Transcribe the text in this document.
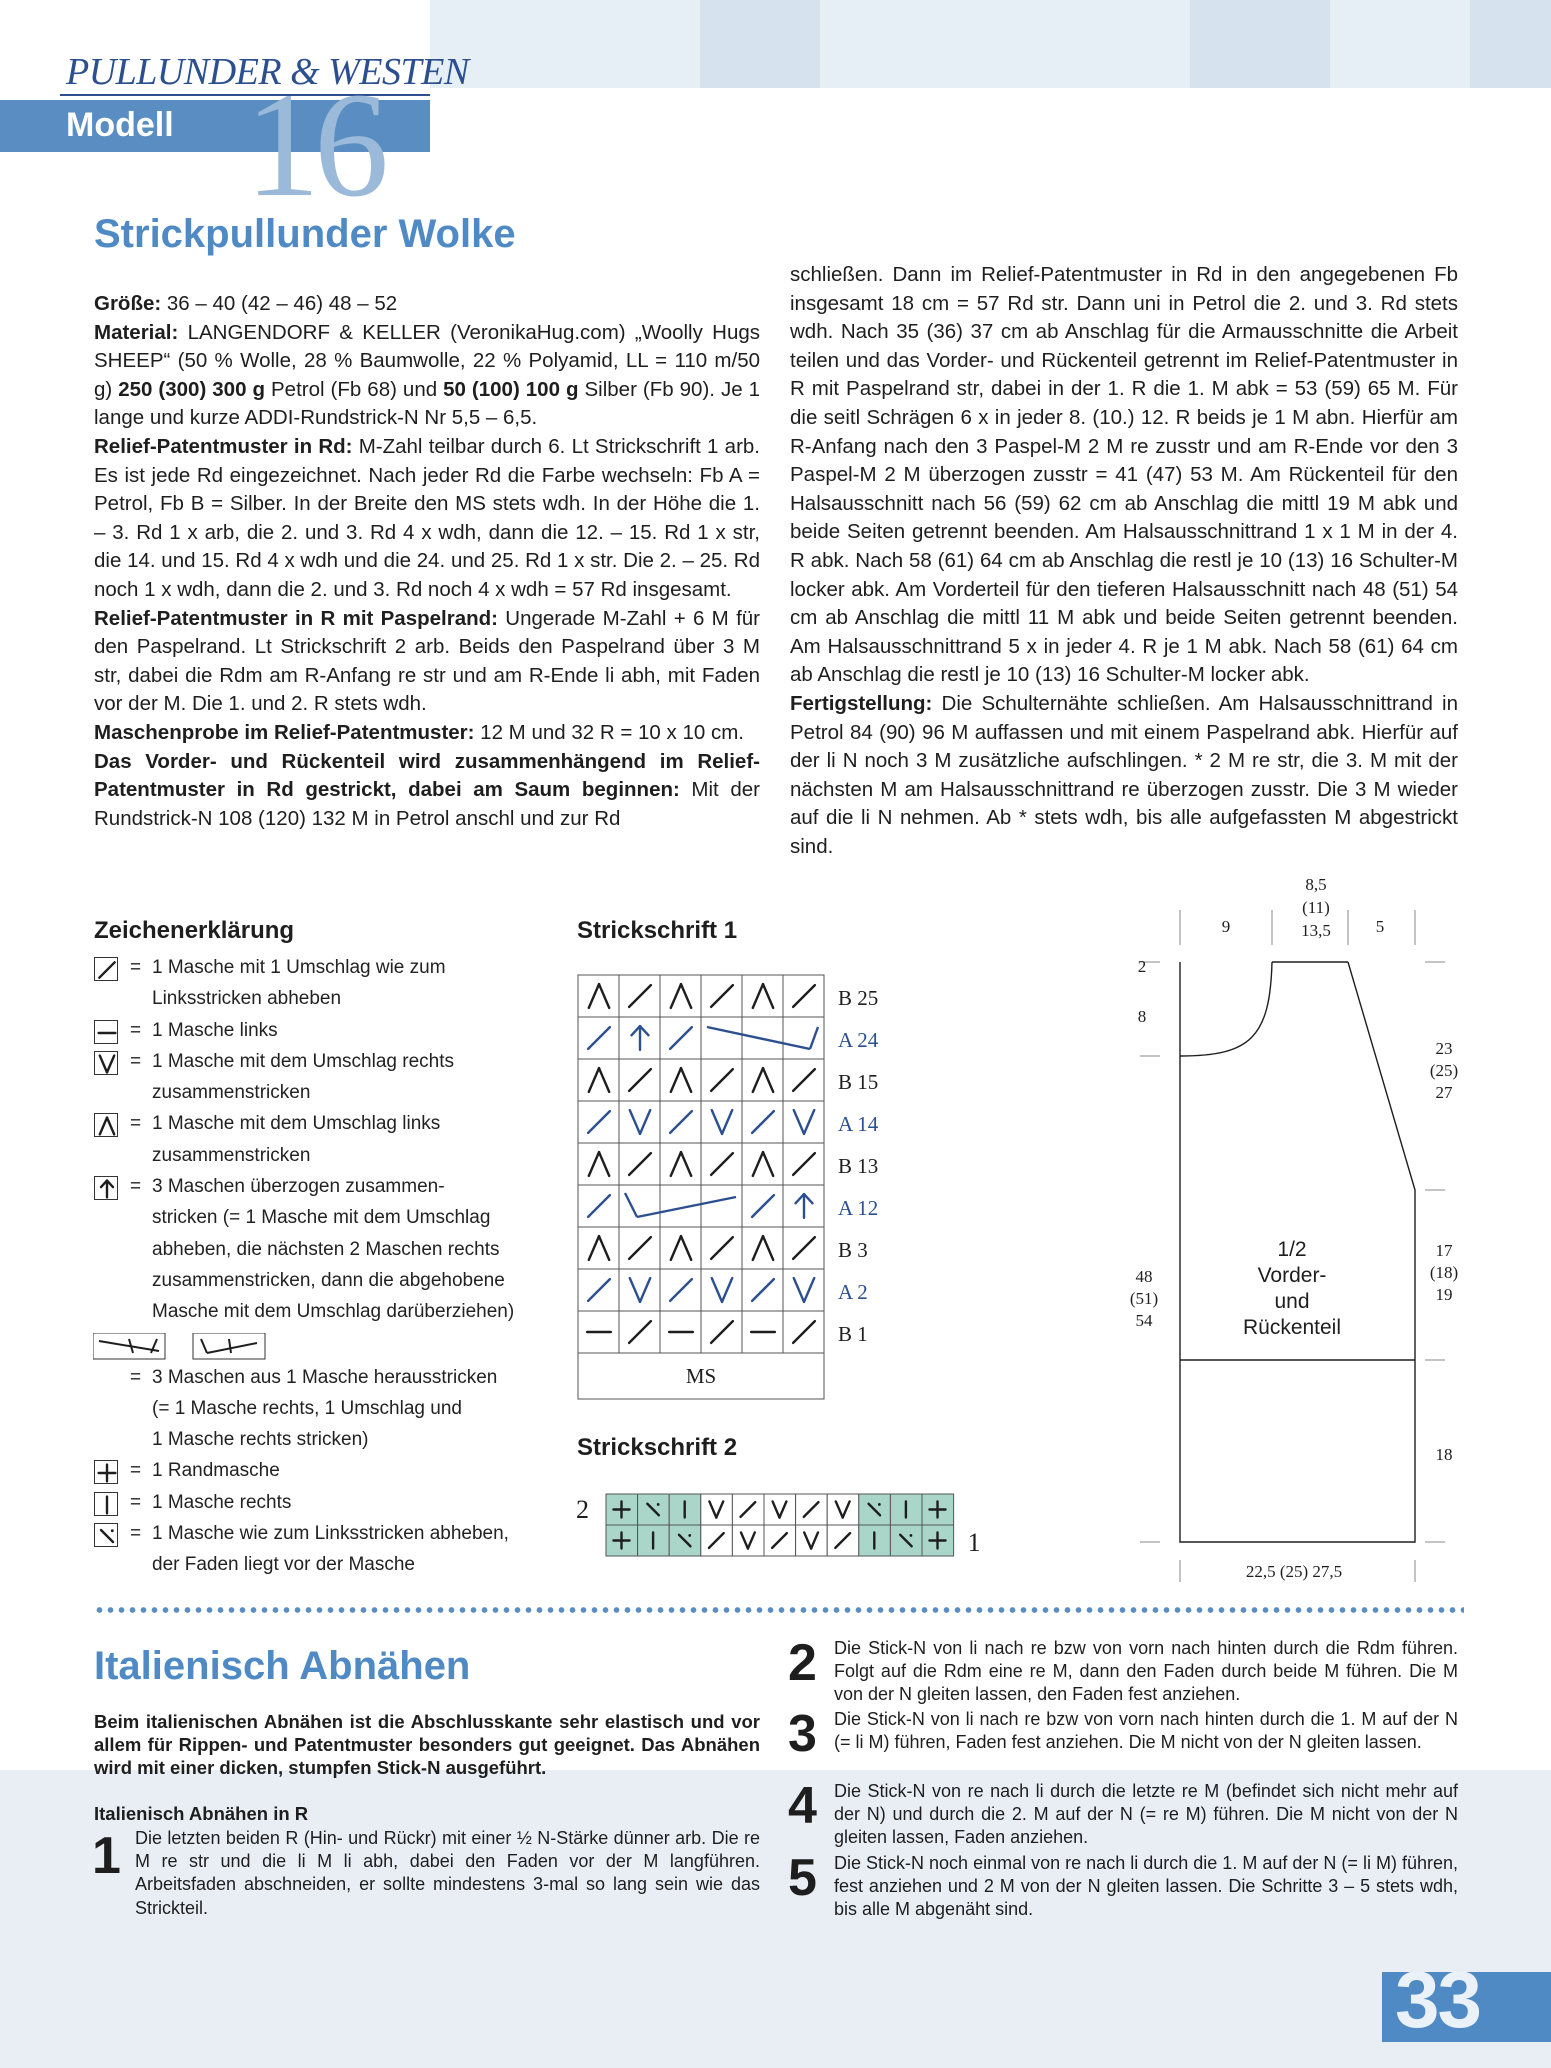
PULLUNDER & WESTEN
16
Modell
Strickpullunder Wolke

Größe: 36 – 40 (42 – 46) 48 – 52

Material: LANGENDORF & KELLER (VeronikaHug.com) „Woolly Hugs SHEEP“ (50 % Wolle, 28 % Baumwolle, 22 % Polyamid, LL = 110 m/50 g) 250 (300) 300 g Petrol (Fb 68) und 50 (100) 100 g Silber (Fb 90). Je 1 lange und kurze ADDI-Rundstrick-N Nr 5,5 – 6,5.

Relief-Patentmuster in Rd: M-Zahl teilbar durch 6. Lt Strickschrift 1 arb. Es ist jede Rd eingezeichnet. Nach jeder Rd die Farbe wechseln: Fb A = Petrol, Fb B = Silber. In der Breite den MS stets wdh. In der Höhe die 1. – 3. Rd 1 x arb, die 2. und 3. Rd 4 x wdh, dann die 12. – 15. Rd 1 x str, die 14. und 15. Rd 4 x wdh und die 24. und 25. Rd 1 x str. Die 2. – 25. Rd noch 1 x wdh, dann die 2. und 3. Rd noch 4 x wdh = 57 Rd insgesamt.

Relief-Patentmuster in R mit Paspelrand: Ungerade M-Zahl + 6 M für den Paspelrand. Lt Strickschrift 2 arb. Beids den Paspelrand über 3 M str, dabei die Rdm am R-Anfang re str und am R-Ende li abh, mit Faden vor der M. Die 1. und 2. R stets wdh.

Maschenprobe im Relief-Patentmuster: 12 M und 32 R = 10 x 10 cm.

Das Vorder- und Rückenteil wird zusammenhängend im Relief-Patentmuster in Rd gestrickt, dabei am Saum beginnen: Mit der Rundstrick-N 108 (120) 132 M in Petrol anschl und zur Rd

schließen. Dann im Relief-Patentmuster in Rd in den angegebenen Fb insgesamt 18 cm = 57 Rd str. Dann uni in Petrol die 2. und 3. Rd stets wdh. Nach 35 (36) 37 cm ab Anschlag für die Armausschnitte die Arbeit teilen und das Vorder- und Rückenteil getrennt im Relief-Patentmuster in R mit Paspelrand str, dabei in der 1. R die 1. M abk = 53 (59) 65 M. Für die seitl Schrägen 6 x in jeder 8. (10.) 12. R beids je 1 M abn. Hierfür am R-Anfang nach den 3 Paspel-M 2 M re zusstr und am R-Ende vor den 3 Paspel-M 2 M überzogen zusstr = 41 (47) 53 M. Am Rückenteil für den Halsausschnitt nach 56 (59) 62 cm ab Anschlag die mittl 19 M abk und beide Seiten getrennt beenden. Am Halsausschnittrand 1 x 1 M in der 4. R abk. Nach 58 (61) 64 cm ab Anschlag die restl je 10 (13) 16 Schulter-M locker abk. Am Vorderteil für den tieferen Halsausschnitt nach 48 (51) 54 cm ab Anschlag die mittl 11 M abk und beide Seiten getrennt beenden. Am Halsausschnittrand 5 x in jeder 4. R je 1 M abk. Nach 58 (61) 64 cm ab Anschlag die restl je 10 (13) 16 Schulter-M locker abk.

Fertigstellung: Die Schulternähte schließen. Am Halsausschnittrand in Petrol 84 (90) 96 M auffassen und mit einem Paspelrand abk. Hierfür auf der li N noch 3 M zusätzliche aufschlingen. * 2 M re str, die 3. M mit der nächsten M am Halsausschnittrand re überzogen zusstr. Die 3 M wieder auf die li N nehmen. Ab * stets wdh, bis alle aufgefassten M abgestrickt sind.

Zeichenerklärung
= 1 Masche mit 1 Umschlag wie zum
Linksstricken abheben
= 1 Masche links
= 1 Masche mit dem Umschlag rechts
zusammenstricken
= 1 Masche mit dem Umschlag links
zusammenstricken
= 3 Maschen überzogen zusammen-
stricken (= 1 Masche mit dem Umschlag
abheben, die nächsten 2 Maschen rechts
zusammenstricken, dann die abgehobene
Masche mit dem Umschlag darüberziehen)
= 3 Maschen aus 1 Masche herausstricken
(= 1 Masche rechts, 1 Umschlag und
1 Masche rechts stricken)
= 1 Randmasche
= 1 Masche rechts
= 1 Masche wie zum Linksstricken abheben,
der Faden liegt vor der Masche
Strickschrift 1
B 25
A 24
B 15
A 14
B 13
A 12
B 3
A 2
B 1
MS
Strickschrift 2
2
1
9
8,5
(11)
13,5	5
2
8
48
(51)
54
23
(25)
27
17
(18)
19
18
1/2
Vorder-
und
Rückenteil
22,5 (25) 27,5
Italienisch Abnähen
Beim italienischen Abnähen ist die Abschlusskante sehr elastisch und vor allem für Rippen- und Patentmuster besonders gut geeignet. Das Abnähen wird mit einer dicken, stumpfen Stick-N ausgeführt.
Italienisch Abnähen in R
1 Die letzten beiden R (Hin- und Rückr) mit einer ½ N-Stärke dünner arb. Die re M re str und die li M li abh, dabei den Faden vor der M langführen. Arbeitsfaden abschneiden, er sollte mindestens 3-mal so lang sein wie das Strickteil.
2 Die Stick-N von li nach re bzw von vorn nach hinten durch die Rdm führen. Folgt auf die Rdm eine re M, dann den Faden durch beide M führen. Die M von der N gleiten lassen, den Faden fest anziehen.
3 Die Stick-N von li nach re bzw von vorn nach hinten durch die 1. M auf der N (= li M) führen, Faden fest anziehen. Die M nicht von der N gleiten lassen.
4 Die Stick-N von re nach li durch die letzte re M (befindet sich nicht mehr auf der N) und durch die 2. M auf der N (= re M) führen. Die M nicht von der N gleiten lassen, Faden anziehen.
5 Die Stick-N noch einmal von re nach li durch die 1. M auf der N (= li M) führen, fest anziehen und 2 M von der N gleiten lassen. Die Schritte 3 – 5 stets wdh, bis alle M abgenäht sind.
33
